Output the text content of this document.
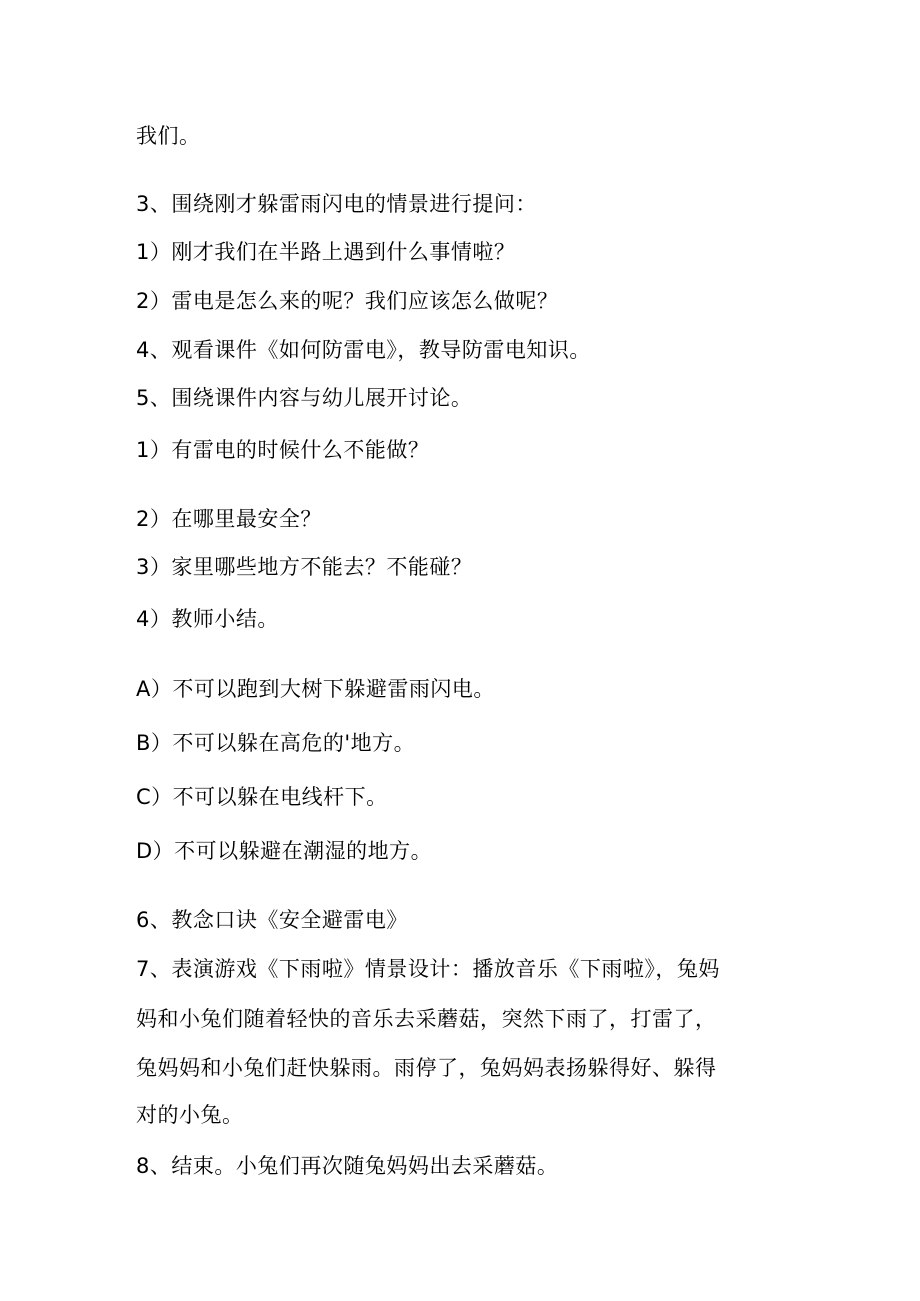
我们。
3、围绕刚才躲雷雨闪电的情景进行提问：
1）刚才我们在半路上遇到什么事情啦？
2）雷电是怎么来的呢？我们应该怎么做呢？
4、观看课件《如何防雷电》，教导防雷电知识。
5、围绕课件内容与幼儿展开讨论。
1）有雷电的时候什么不能做？
2）在哪里最安全？
3）家里哪些地方不能去？不能碰？
4）教师小结。
A）不可以跑到大树下躲避雷雨闪电。
B）不可以躲在高危的'地方。
C）不可以躲在电线杆下。
D）不可以躲避在潮湿的地方。
6、教念口诀《安全避雷电》
7、表演游戏《下雨啦》情景设计：播放音乐《下雨啦》，兔妈
妈和小兔们随着轻快的音乐去采蘑菇，突然下雨了，打雷了，
兔妈妈和小兔们赶快躲雨。雨停了，兔妈妈表扬躲得好、躲得
对的小兔。
8、结束。小兔们再次随兔妈妈出去采蘑菇。
